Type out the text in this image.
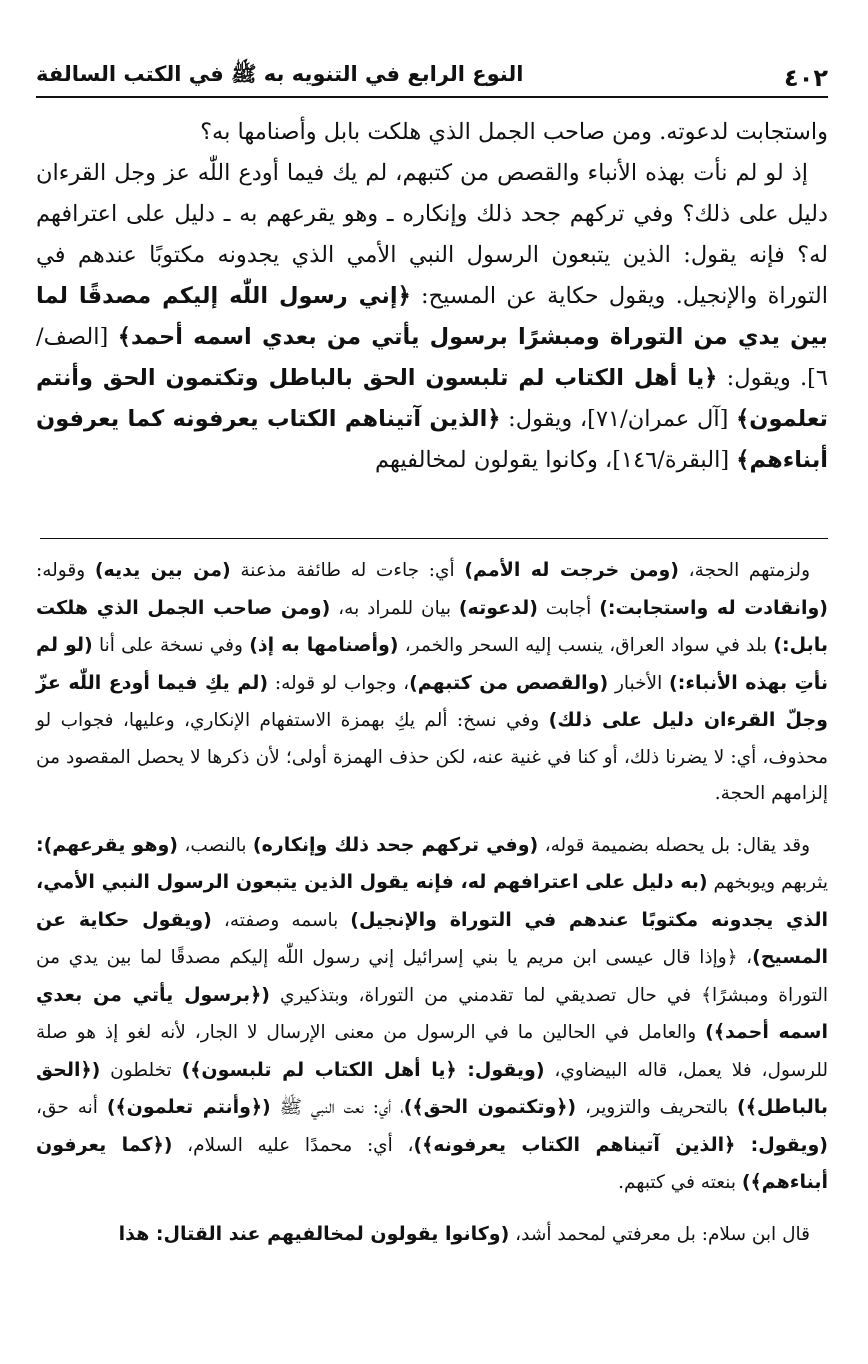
٤٠٢
النوع الرابع في التنويه به ﷺ في الكتب السالفة

واستجابت لدعوته. ومن صاحب الجمل الذي هلكت بابل وأصنامها به؟

إذ لو لم نأت بهذه الأنباء والقصص من كتبهم، لم يك فيما أودع اللّٰه عز وجل القرءان دليل على ذلك؟ وفي تركهم جحد ذلك وإنكاره ـ وهو يقرعهم به ـ دليل على اعترافهم له؟ فإنه يقول: الذين يتبعون الرسول النبي الأمي الذي يجدونه مكتوبًا عندهم في التوراة والإنجيل. ويقول حكاية عن المسيح: ﴿إني رسول اللّٰه إليكم مصدقًا لما بين يدي من التوراة ومبشرًا برسول يأتي من بعدي اسمه أحمد﴾ [الصف/٦]. ويقول: ﴿يا أهل الكتاب لم تلبسون الحق بالباطل وتكتمون الحق وأنتم تعلمون﴾ [آل عمران/٧١]، ويقول: ﴿الذين آتيناهم الكتاب يعرفونه كما يعرفون أبناءهم﴾ [البقرة/١٤٦]، وكانوا يقولون لمخالفيهم

ولزمتهم الحجة، (ومن خرجت له الأمم) أي: جاءت له طائفة مذعنة (من بين يديه) وقوله: (وانقادت له واستجابت:) أجابت (لدعوته) بيان للمراد به، (ومن صاحب الجمل الذي هلكت بابل:) بلد في سواد العراق، ينسب إليه السحر والخمر، (وأصنامها به إذ) وفي نسخة على أنا (لو لم نأتِ بهذه الأنباء:) الأخبار (والقصص من كتبهم)، وجواب لو قوله: (لم يكِ فيما أودع اللّٰه عزّ وجلّ القرءان دليل على ذلك) وفي نسخ: ألم يكِ بهمزة الاستفهام الإنكاري، وعليها، فجواب لو محذوف، أي: لا يضرنا ذلك، أو كنا في غنية عنه، لكن حذف الهمزة أولى؛ لأن ذكرها لا يحصل المقصود من إلزامهم الحجة.

وقد يقال: بل يحصله بضميمة قوله، (وفي تركهم جحد ذلك وإنكاره) بالنصب، (وهو يقرعهم): يثربهم ويوبخهم (به دليل على اعترافهم له، فإنه يقول الذين يتبعون الرسول النبي الأمي، الذي يجدونه مكتوبًا عندهم في التوراة والإنجيل) باسمه وصفته، (ويقول حكاية عن المسيح)، ﴿وإذا قال عيسى ابن مريم يا بني إسرائيل إني رسول اللّٰه إليكم مصدقًا لما بين يدي من التوراة ومبشرًا﴾ في حال تصديقي لما تقدمني من التوراة، وبتذكيري (﴿برسول يأتي من بعدي اسمه أحمد﴾) والعامل في الحالين ما في الرسول من معنى الإرسال لا الجار، لأنه لغو إذ هو صلة للرسول، فلا يعمل، قاله البيضاوي، (ويقول: ﴿يا أهل الكتاب لم تلبسون﴾) تخلطون (﴿الحق بالباطل﴾) بالتحريف والتزوير، (﴿وتكتمون الحق﴾)، أي: نعت النبي ﷺ (﴿وأنتم تعلمون﴾) أنه حق، (ويقول: ﴿الذين آتيناهم الكتاب يعرفونه﴾)، أي: محمدًا عليه السلام، (﴿كما يعرفون أبناءهم﴾) بنعته في كتبهم.

قال ابن سلام: بل معرفتي لمحمد أشد، (وكانوا يقولون لمخالفيهم عند القتال: هذا
